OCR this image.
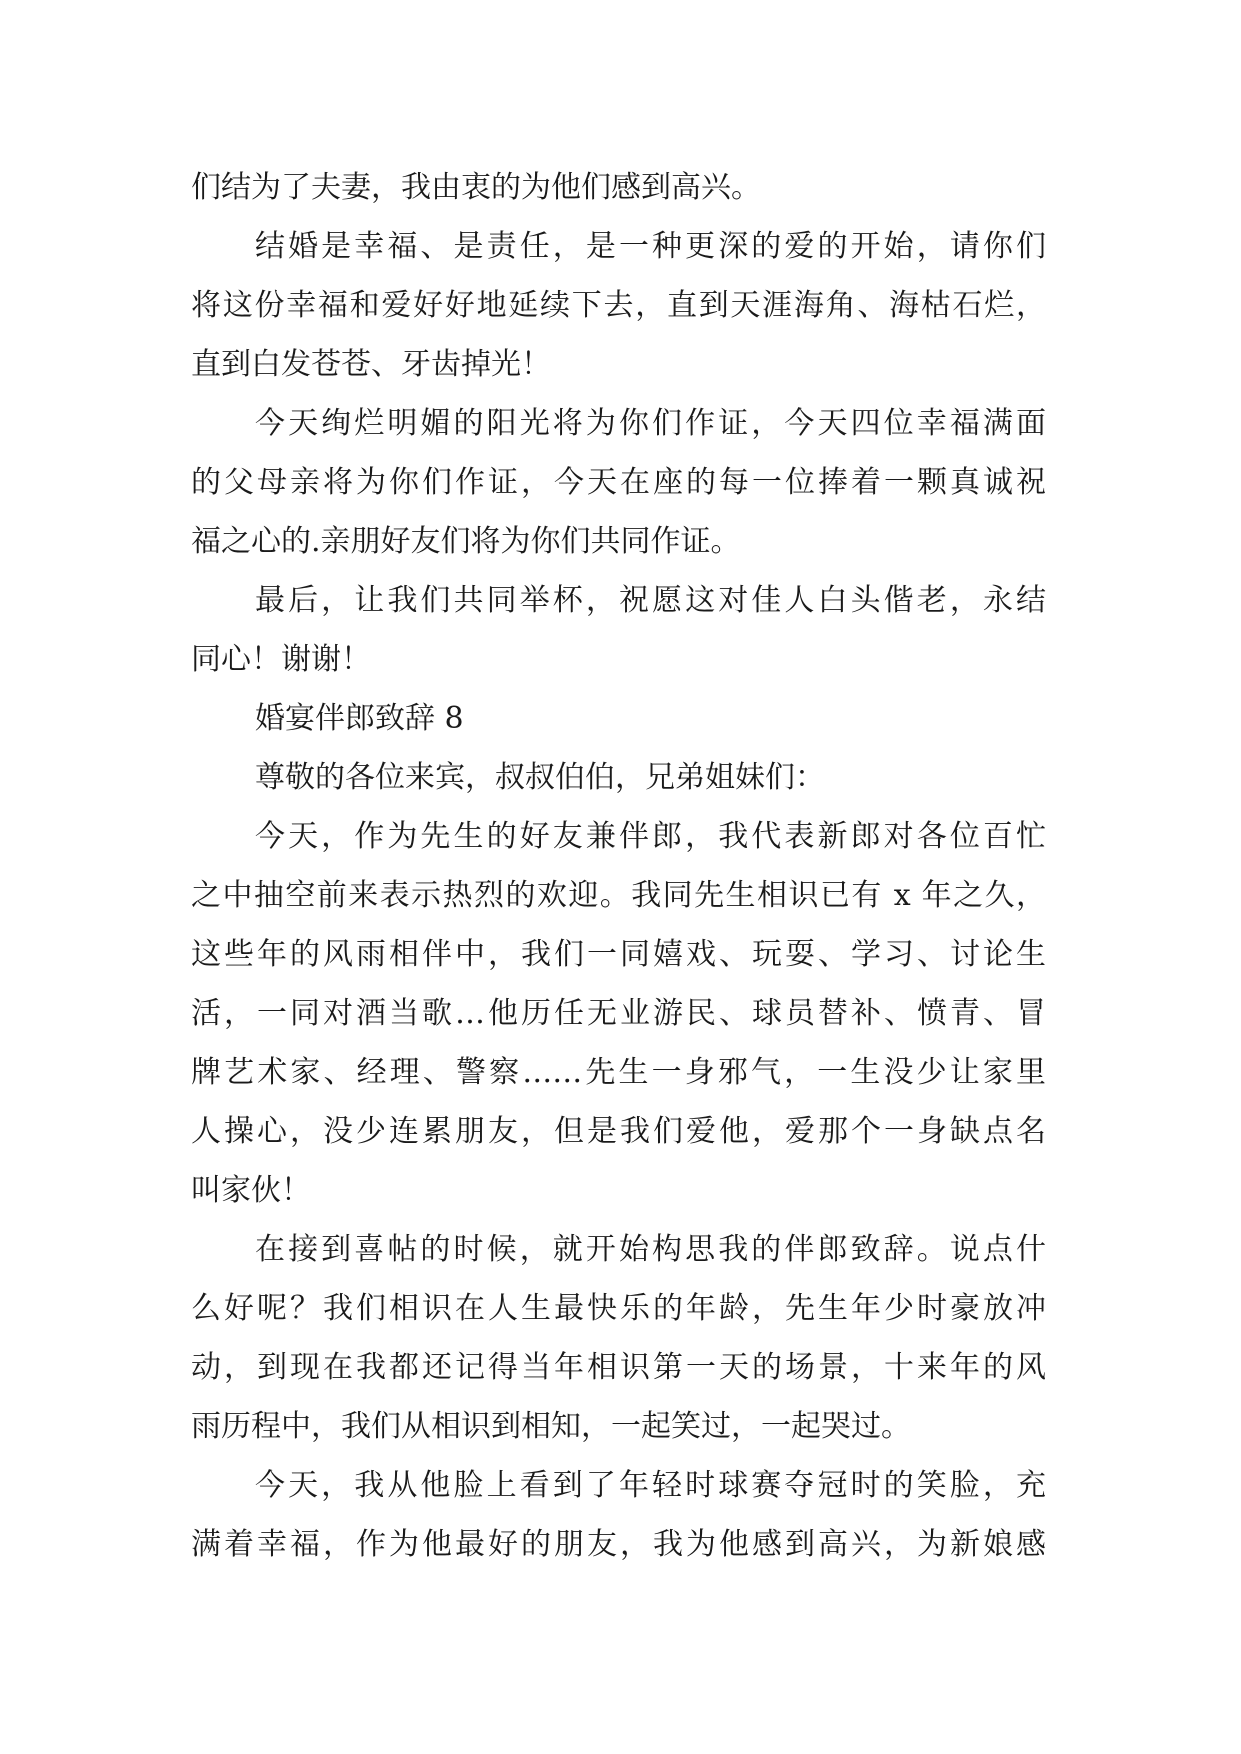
们结为了夫妻，我由衷的为他们感到高兴。
结婚是幸福、是责任，是一种更深的爱的开始，请你们
将这份幸福和爱好好地延续下去，直到天涯海角、海枯石烂，
直到白发苍苍、牙齿掉光！
今天绚烂明媚的阳光将为你们作证，今天四位幸福满面
的父母亲将为你们作证，今天在座的每一位捧着一颗真诚祝
福之心的.亲朋好友们将为你们共同作证。
最后，让我们共同举杯，祝愿这对佳人白头偕老，永结
同心！谢谢！
婚宴伴郎致辞 8
尊敬的各位来宾，叔叔伯伯，兄弟姐妹们：
今天，作为先生的好友兼伴郎，我代表新郎对各位百忙
之中抽空前来表示热烈的欢迎。我同先生相识已有 x 年之久，
这些年的风雨相伴中，我们一同嬉戏、玩耍、学习、讨论生
活，一同对酒当歌…他历任无业游民、球员替补、愤青、冒
牌艺术家、经理、警察……先生一身邪气，一生没少让家里
人操心，没少连累朋友，但是我们爱他，爱那个一身缺点名
叫家伙！
在接到喜帖的时候，就开始构思我的伴郎致辞。说点什
么好呢？我们相识在人生最快乐的年龄，先生年少时豪放冲
动，到现在我都还记得当年相识第一天的场景，十来年的风
雨历程中，我们从相识到相知，一起笑过，一起哭过。
今天，我从他脸上看到了年轻时球赛夺冠时的笑脸，充
满着幸福，作为他最好的朋友，我为他感到高兴，为新娘感
